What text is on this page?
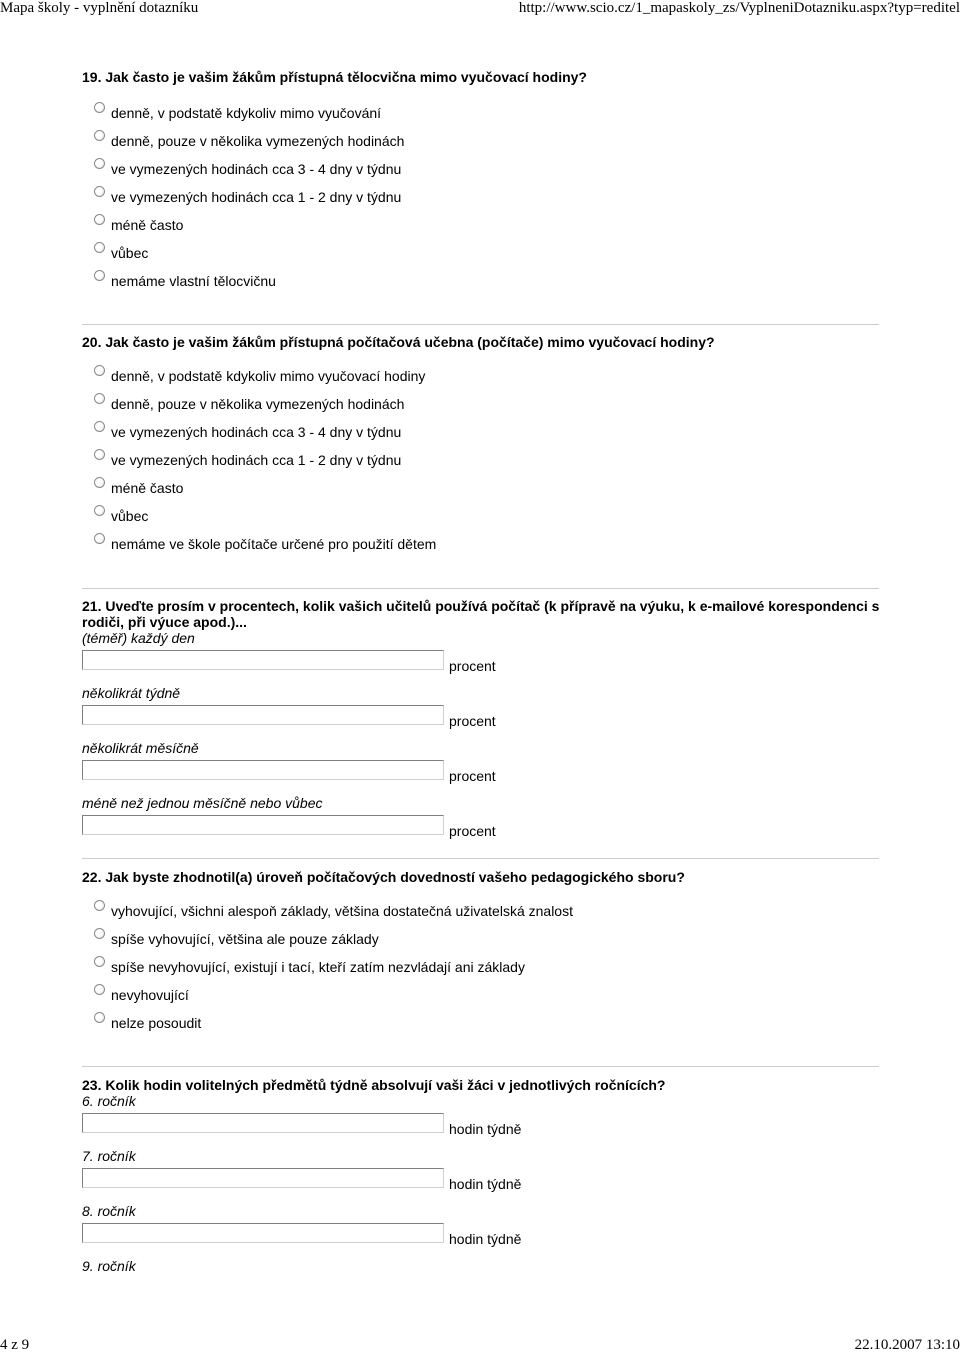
Mapa školy - vyplnění dotazníku	http://www.scio.cz/1_mapaskoly_zs/VyplneniDotazniku.aspx?typ=reditel

19. Jak často je vašim žákům přístupná tělocvična mimo vyučovací hodiny?

denně, v podstatě kdykoliv mimo vyučování
denně, pouze v několika vymezených hodinách
ve vymezených hodinách cca 3 - 4 dny v týdnu
ve vymezených hodinách cca 1 - 2 dny v týdnu
méně často
vůbec
nemáme vlastní tělocvičnu

20. Jak často je vašim žákům přístupná počítačová učebna (počítače) mimo vyučovací hodiny?

denně, v podstatě kdykoliv mimo vyučovací hodiny
denně, pouze v několika vymezených hodinách
ve vymezených hodinách cca 3 - 4 dny v týdnu
ve vymezených hodinách cca 1 - 2 dny v týdnu
méně často
vůbec
nemáme ve škole počítače určené pro použití dětem

21. Uveďte prosím v procentech, kolik vašich učitelů používá počítač (k přípravě na výuku, k e-mailové korespondenci s rodiči, při výuce apod.)...

(téměř) každý den
procent
několikrát týdně
procent
několikrát měsíčně
procent
méně než jednou měsíčně nebo vůbec
procent

22. Jak byste zhodnotil(a) úroveň počítačových dovedností vašeho pedagogického sboru?

vyhovující, všichni alespoň základy, většina dostatečná uživatelská znalost
spíše vyhovující, většina ale pouze základy
spíše nevyhovující, existují i tací, kteří zatím nezvládají ani základy
nevyhovující
nelze posoudit

23. Kolik hodin volitelných předmětů týdně absolvují vaši žáci v jednotlivých ročnících?

6. ročník
hodin týdně
7. ročník
hodin týdně
8. ročník
hodin týdně
9. ročník
4 z 9	22.10.2007 13:10
